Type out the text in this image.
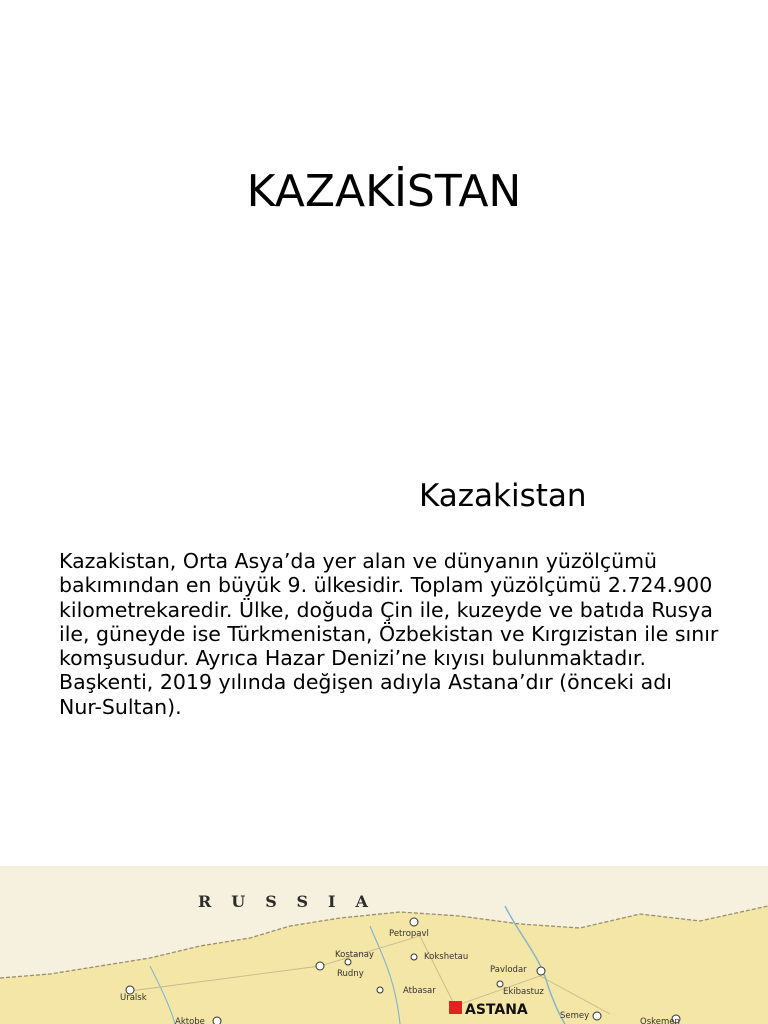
KAZAKİSTAN
Kazakistan

Kazakistan, Orta Asya’da yer alan ve dünyanın yüzölçümü bakımından en büyük 9. ülkesidir. Toplam yüzölçümü 2.724.900 kilometrekaredir. Ülke, doğuda Çin ile, kuzeyde ve batıda Rusya ile, güneyde ise Türkmenistan, Özbekistan ve Kırgızistan ile sınır komşusudur. Ayrıca Hazar Denizi’ne kıyısı bulunmaktadır. Başkenti, 2019 yılında değişen adıyla Astana’dır (önceki adı Nur-Sultan).

RUSSIA
Petropavl
Kostanay
Rudny
Kokshetau
Pavlodar
Uralsk
Atbasar	Ekibastuz
Semey
Aktobe	Oskemen
ASTANA
